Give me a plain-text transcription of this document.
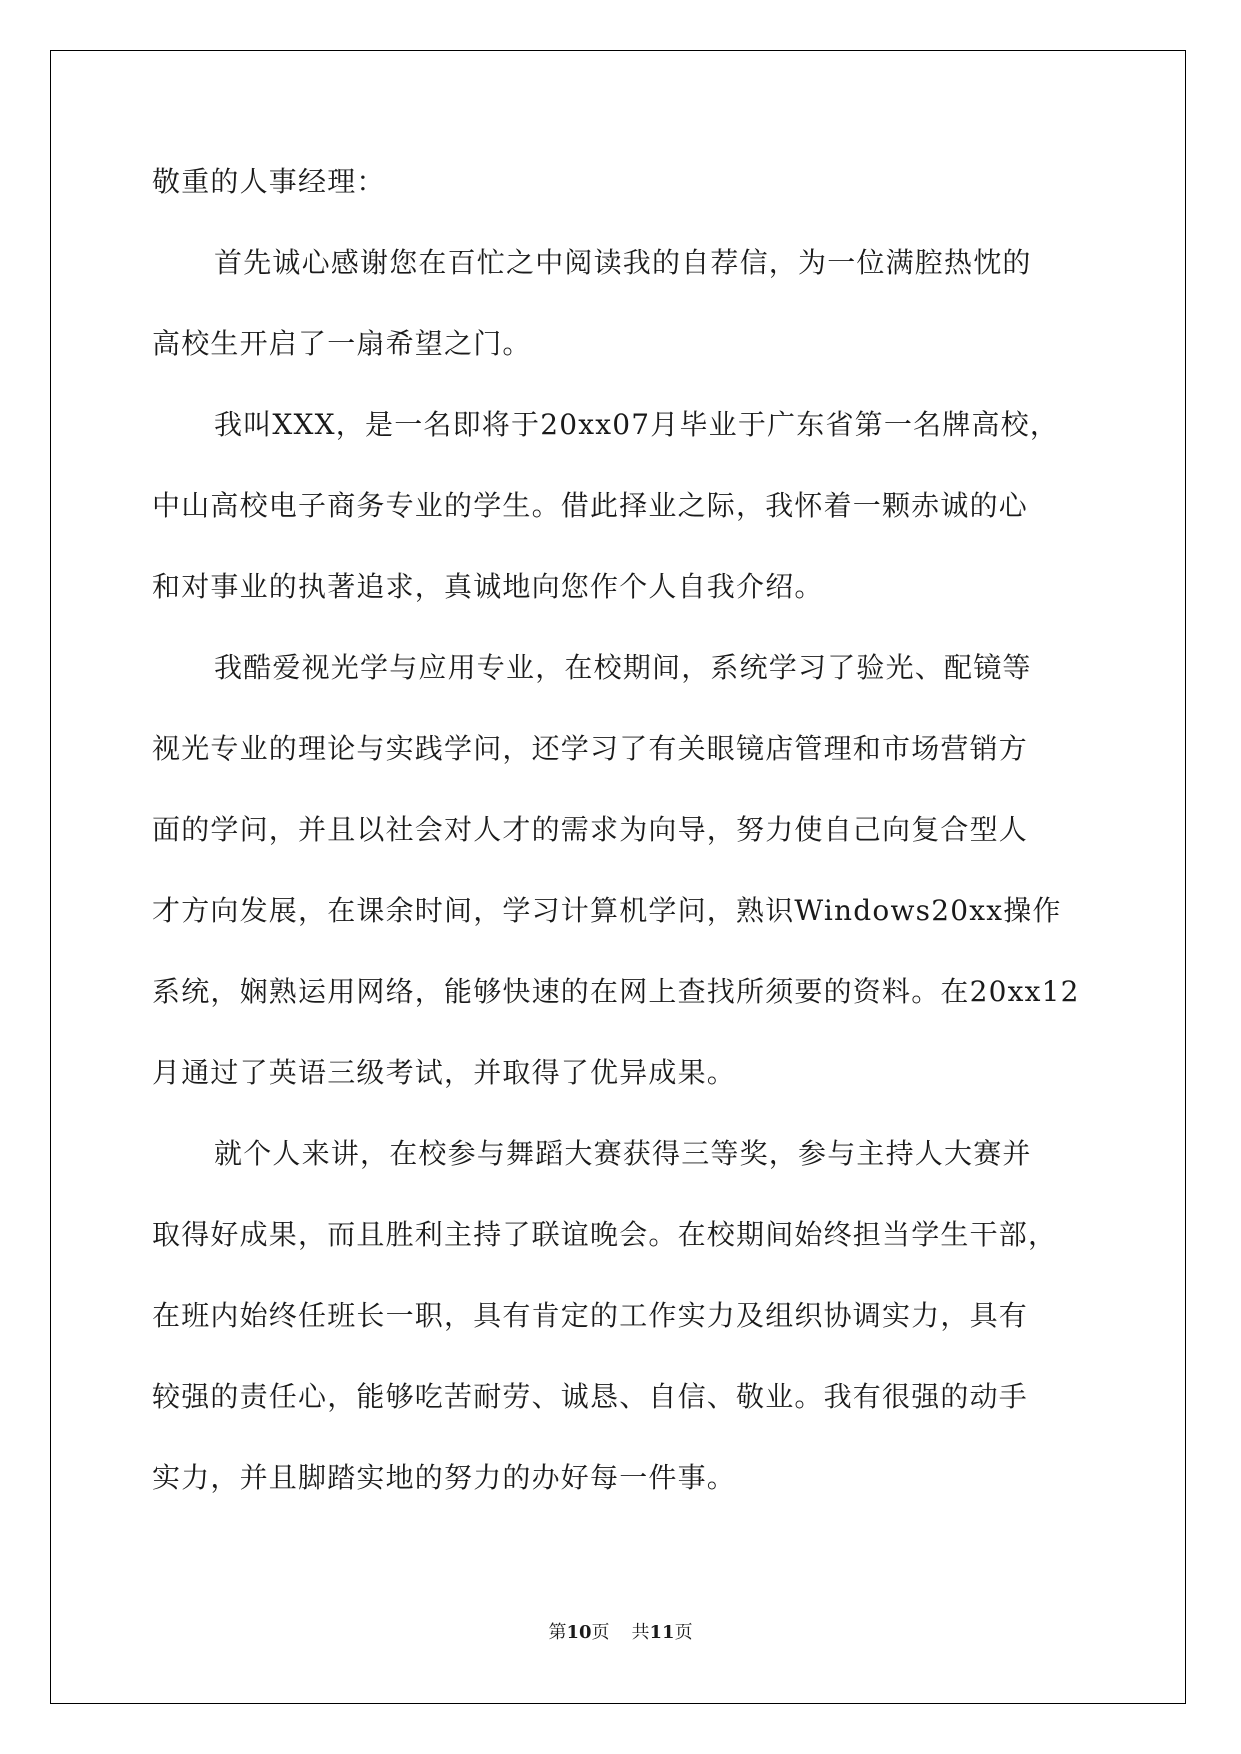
敬重的人事经理：
首先诚心感谢您在百忙之中阅读我的自荐信，为一位满腔热忱的
高校生开启了一扇希望之门。
我叫XXX，是一名即将于20xx07月毕业于广东省第一名牌高校，
中山高校电子商务专业的学生。借此择业之际，我怀着一颗赤诚的心
和对事业的执著追求，真诚地向您作个人自我介绍。
我酷爱视光学与应用专业，在校期间，系统学习了验光、配镜等
视光专业的理论与实践学问，还学习了有关眼镜店管理和市场营销方
面的学问，并且以社会对人才的需求为向导，努力使自己向复合型人
才方向发展，在课余时间，学习计算机学问，熟识Windows20xx操作
系统，娴熟运用网络，能够快速的在网上查找所须要的资料。在20xx12
月通过了英语三级考试，并取得了优异成果。
就个人来讲，在校参与舞蹈大赛获得三等奖，参与主持人大赛并
取得好成果，而且胜利主持了联谊晚会。在校期间始终担当学生干部，
在班内始终任班长一职，具有肯定的工作实力及组织协调实力，具有
较强的责任心，能够吃苦耐劳、诚恳、自信、敬业。我有很强的动手
实力，并且脚踏实地的努力的办好每一件事。
第10页 共11页
